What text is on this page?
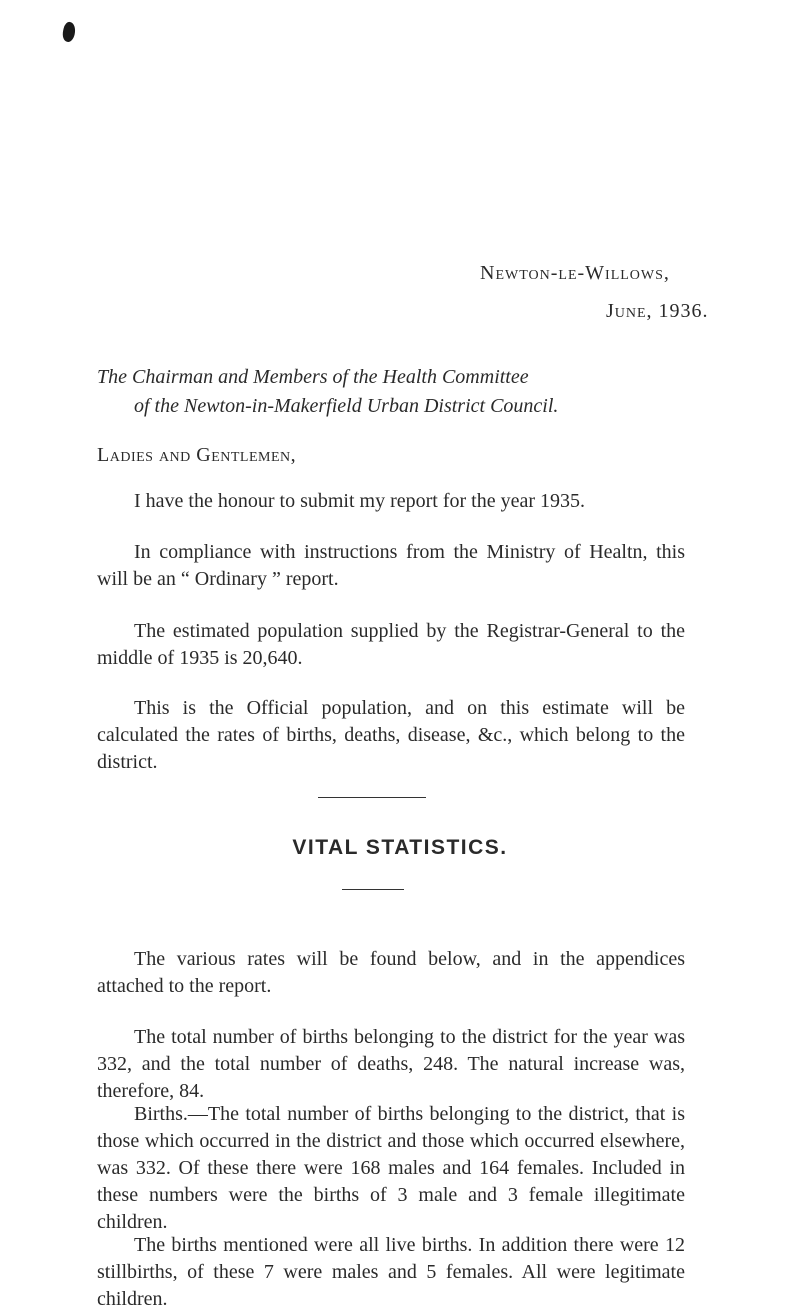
Newton-le-Willows,
June, 1936.
The Chairman and Members of the Health Committee
of the Newton-in-Makerfield Urban District Council.
Ladies and Gentlemen,

I have the honour to submit my report for the year 1935.

In compliance with instructions from the Ministry of Healtn, this will be an “ Ordinary ” report.

The estimated population supplied by the Registrar-General to the middle of 1935 is 20,640.

This is the Official population, and on this estimate will be calculated the rates of births, deaths, disease, &c., which belong to the district.

VITAL STATISTICS.

The various rates will be found below, and in the appendices attached to the report.

The total number of births belonging to the district for the year was 332, and the total number of deaths, 248. The natural increase was, therefore, 84.

Births.—The total number of births belonging to the district, that is those which occurred in the district and those which occurred elsewhere, was 332. Of these there were 168 males and 164 females. Included in these numbers were the births of 3 male and 3 female illegitimate children.

The births mentioned were all live births. In addition there were 12 stillbirths, of these 7 were males and 5 females. All were legitimate children.
